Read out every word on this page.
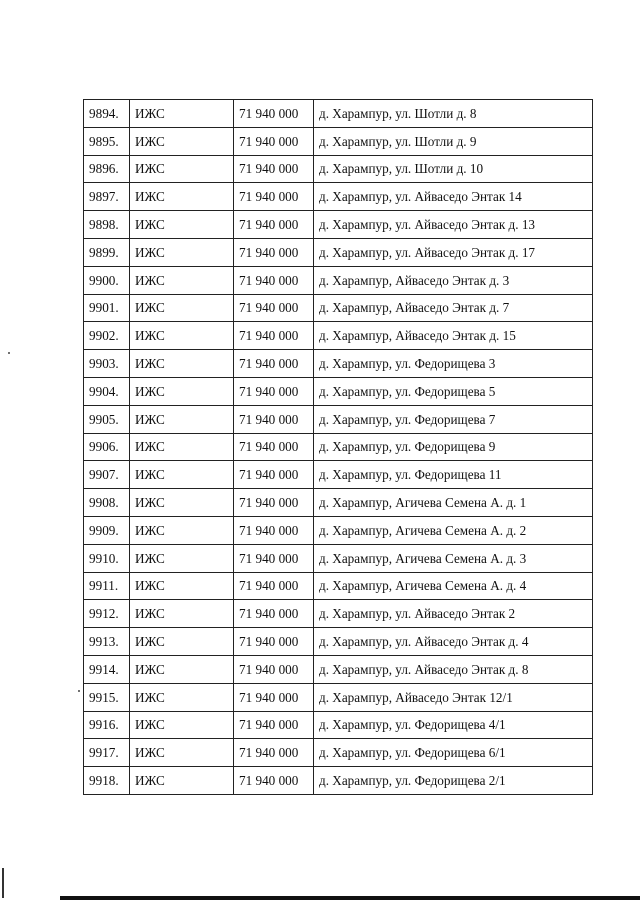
9894.	ИЖС	71 940 000	д. Харампур, ул. Шотли д. 8
9895.	ИЖС	71 940 000	д. Харампур, ул. Шотли д. 9
9896.	ИЖС	71 940 000	д. Харампур, ул. Шотли д. 10
9897.	ИЖС	71 940 000	д. Харампур, ул. Айваседо Энтак 14
9898.	ИЖС	71 940 000	д. Харампур, ул. Айваседо Энтак д. 13
9899.	ИЖС	71 940 000	д. Харампур, ул. Айваседо Энтак д. 17
9900.	ИЖС	71 940 000	д. Харампур, Айваседо Энтак д. 3
9901.	ИЖС	71 940 000	д. Харампур, Айваседо Энтак д. 7
9902.	ИЖС	71 940 000	д. Харампур, Айваседо Энтак д. 15
9903.	ИЖС	71 940 000	д. Харампур, ул. Федорищева 3
9904.	ИЖС	71 940 000	д. Харампур, ул. Федорищева 5
9905.	ИЖС	71 940 000	д. Харампур, ул. Федорищева 7
9906.	ИЖС	71 940 000	д. Харампур, ул. Федорищева 9
9907.	ИЖС	71 940 000	д. Харампур, ул. Федорищева 11
9908.	ИЖС	71 940 000	д. Харампур, Агичева Семена А. д. 1
9909.	ИЖС	71 940 000	д. Харампур, Агичева Семена А. д. 2
9910.	ИЖС	71 940 000	д. Харампур, Агичева Семена А. д. 3
9911.	ИЖС	71 940 000	д. Харампур, Агичева Семена А. д. 4
9912.	ИЖС	71 940 000	д. Харампур, ул. Айваседо Энтак 2
9913.	ИЖС	71 940 000	д. Харампур, ул. Айваседо Энтак д. 4
9914.	ИЖС	71 940 000	д. Харампур, ул. Айваседо Энтак д. 8
9915.	ИЖС	71 940 000	д. Харампур, Айваседо Энтак 12/1
9916.	ИЖС	71 940 000	д. Харампур, ул. Федорищева 4/1
9917.	ИЖС	71 940 000	д. Харампур, ул. Федорищева 6/1
9918.	ИЖС	71 940 000	д. Харампур, ул. Федорищева 2/1
